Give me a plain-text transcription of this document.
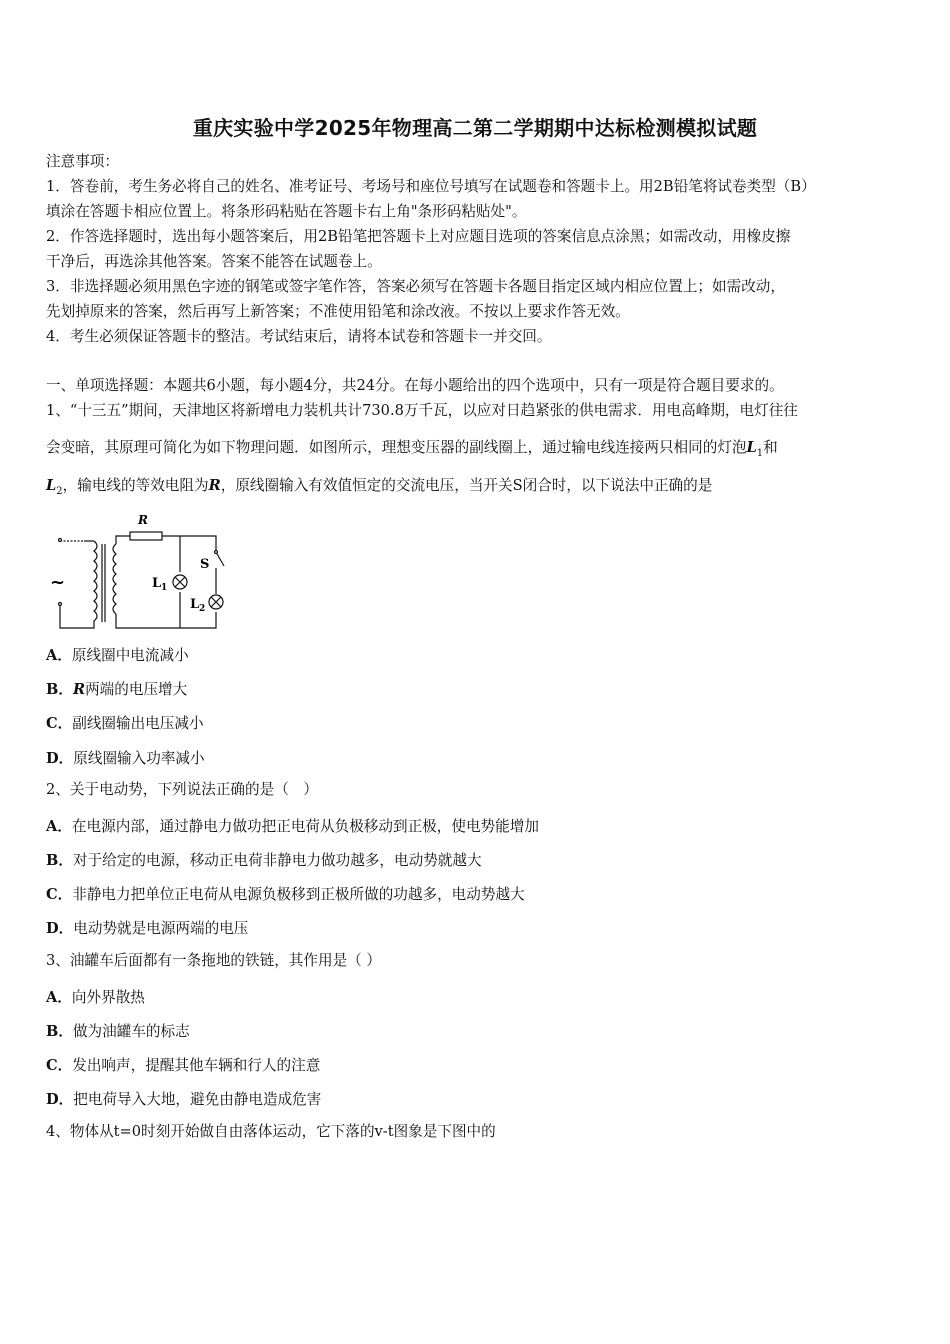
重庆实验中学2025年物理高二第二学期期中达标检测模拟试题
注意事项：
1．答卷前，考生务必将自己的姓名、准考证号、考场号和座位号填写在试题卷和答题卡上。用2B铅笔将试卷类型（B）
填涂在答题卡相应位置上。将条形码粘贴在答题卡右上角"条形码粘贴处"。
2．作答选择题时，选出每小题答案后，用2B铅笔把答题卡上对应题目选项的答案信息点涂黑；如需改动，用橡皮擦
干净后，再选涂其他答案。答案不能答在试题卷上。
3．非选择题必须用黑色字迹的钢笔或签字笔作答，答案必须写在答题卡各题目指定区域内相应位置上；如需改动，
先划掉原来的答案，然后再写上新答案；不准使用铅笔和涂改液。不按以上要求作答无效。
4．考生必须保证答题卡的整洁。考试结束后，请将本试卷和答题卡一并交回。
一、单项选择题：本题共6小题，每小题4分，共24分。在每小题给出的四个选项中，只有一项是符合题目要求的。
1、“十三五”期间，天津地区将新增电力装机共计730.8万千瓦，以应对日趋紧张的供电需求．用电高峰期，电灯往往
会变暗，其原理可简化为如下物理问题．如图所示，理想变压器的副线圈上，通过输电线连接两只相同的灯泡$L_1$和
$L_2$，输电线的等效电阻为R，原线圈输入有效值恒定的交流电压，当开关S闭合时，以下说法中正确的是
R
S
L 1
L 2
~
A．原线圈中电流减小
B．R两端的电压增大
C．副线圈输出电压减小
D．原线圈输入功率减小
2、关于电动势，下列说法正确的是（　）
A．在电源内部，通过静电力做功把正电荷从负极移动到正极，使电势能增加
B．对于给定的电源，移动正电荷非静电力做功越多，电动势就越大
C．非静电力把单位正电荷从电源负极移到正极所做的功越多，电动势越大
D．电动势就是电源两端的电压
3、油罐车后面都有一条拖地的铁链，其作用是（ ）
A．向外界散热
B．做为油罐车的标志
C．发出响声，提醒其他车辆和行人的注意
D．把电荷导入大地，避免由静电造成危害
4、物体从t=0时刻开始做自由落体运动，它下落的v-t图象是下图中的
